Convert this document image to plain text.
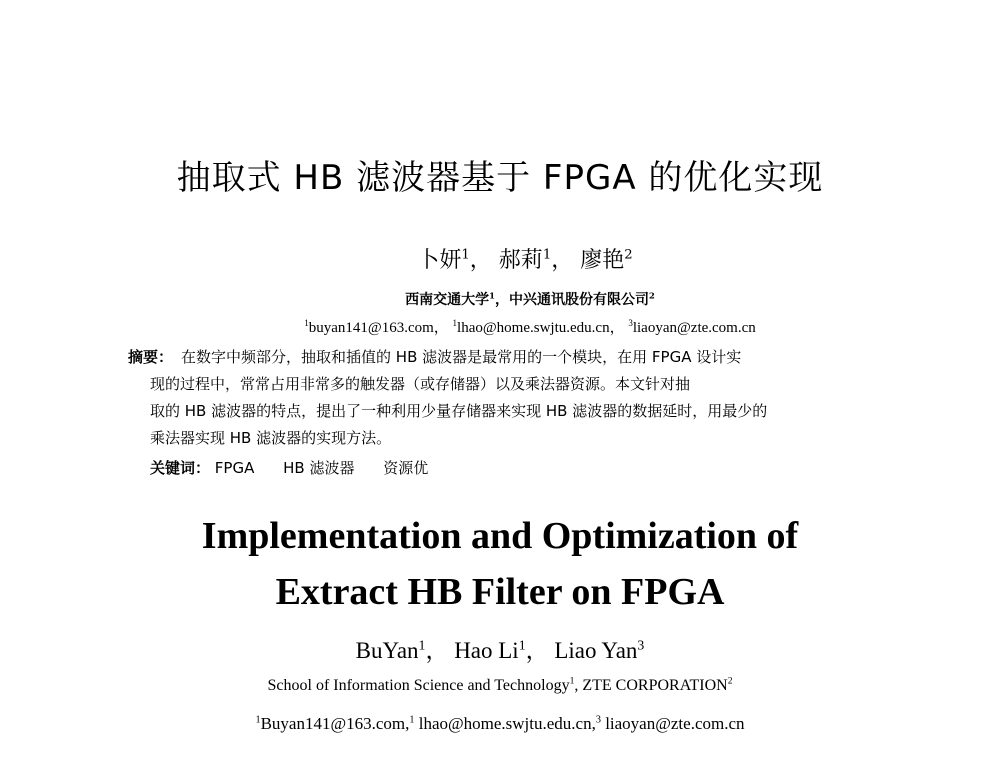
抽取式 HB 滤波器基于 FPGA 的优化实现
卜妍$^1$， 郝莉$^1$， 廖艳$^2$
西南交通大学$^1$，中兴通讯股份有限公司$^2$
$^1$buyan141@163.com， $^1$lhao@home.swjtu.edu.cn， $^3$liaoyan@zte.com.cn
摘要： 在数字中频部分，抽取和插值的 HB 滤波器是最常用的一个模块，在用 FPGA 设计实
现的过程中，常常占用非常多的触发器（或存储器）以及乘法器资源。本文针对抽
取的 HB 滤波器的特点，提出了一种利用少量存储器来实现 HB 滤波器的数据延时，用最少的
乘法器实现 HB 滤波器的实现方法。
关键词： FPGA HB 滤波器 资源优
Implementation and Optimization of
Extract HB Filter on FPGA
BuYan$^1$， Hao Li$^1$， Liao Yan$^3$
School of Information Science and Technology$^1$, ZTE CORPORATION$^2$
$^1$Buyan141@163.com,$^1$ lhao@home.swjtu.edu.cn,$^3$ liaoyan@zte.com.cn
